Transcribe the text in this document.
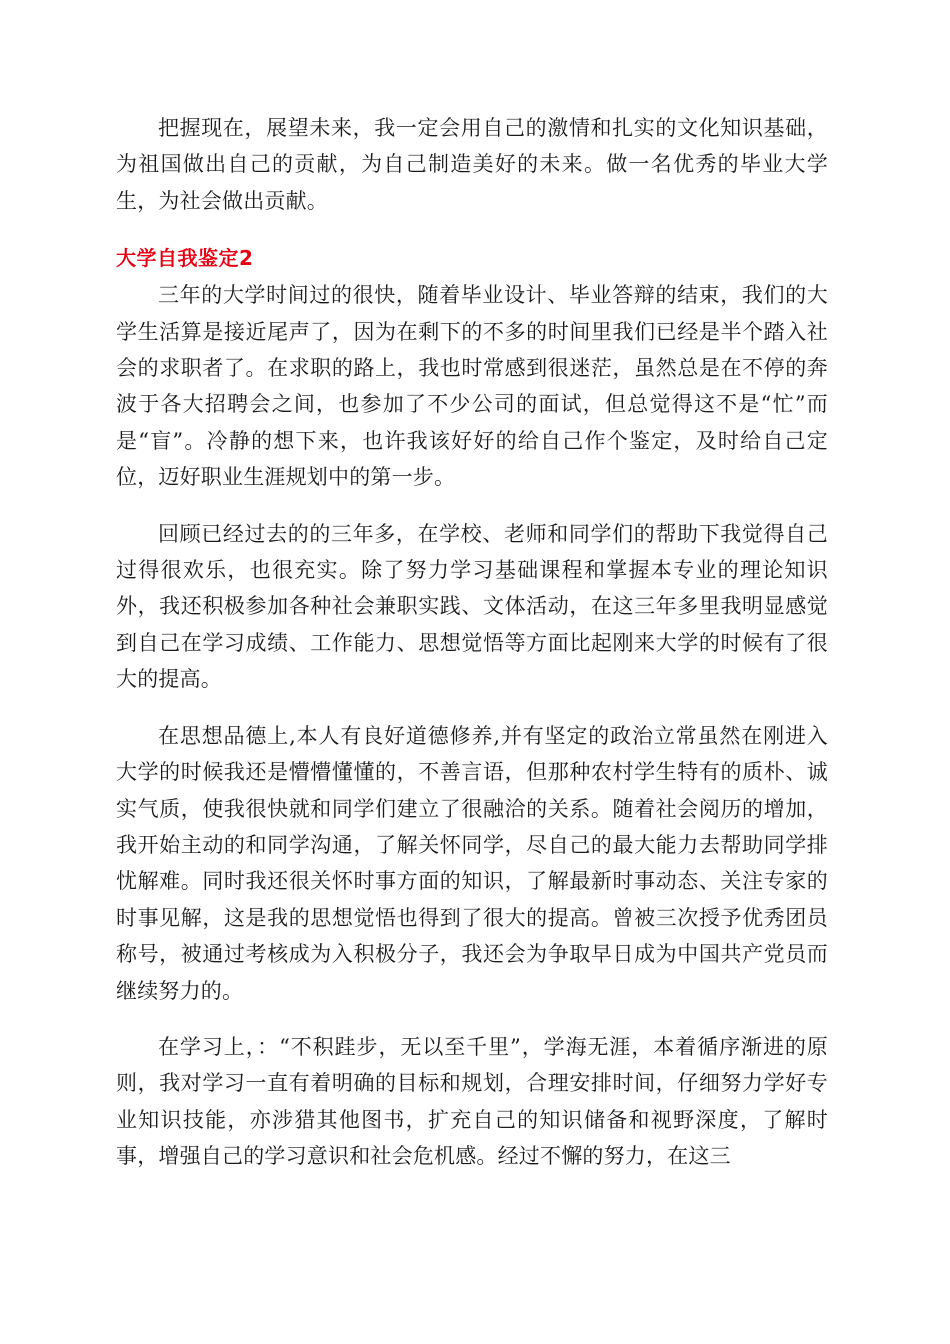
把握现在，展望未来，我一定会用自己的激情和扎实的文化知识基础，为祖国做出自己的贡献，为自己制造美好的未来。做一名优秀的毕业大学生，为社会做出贡献。

大学自我鉴定2

三年的大学时间过的很快，随着毕业设计、毕业答辩的结束，我们的大学生活算是接近尾声了，因为在剩下的不多的时间里我们已经是半个踏入社会的求职者了。在求职的路上，我也时常感到很迷茫，虽然总是在不停的奔波于各大招聘会之间，也参加了不少公司的面试，但总觉得这不是“忙”而是“盲”。冷静的想下来，也许我该好好的给自己作个鉴定，及时给自己定位，迈好职业生涯规划中的第一步。

回顾已经过去的的三年多，在学校、老师和同学们的帮助下我觉得自己过得很欢乐，也很充实。除了努力学习基础课程和掌握本专业的理论知识外，我还积极参加各种社会兼职实践、文体活动，在这三年多里我明显感觉到自己在学习成绩、工作能力、思想觉悟等方面比起刚来大学的时候有了很大的提高。

在思想品德上,本人有良好道德修养,并有坚定的政治立常虽然在刚进入大学的时候我还是懵懵懂懂的，不善言语，但那种农村学生特有的质朴、诚实气质，使我很快就和同学们建立了很融洽的关系。随着社会阅历的增加，我开始主动的和同学沟通，了解关怀同学，尽自己的最大能力去帮助同学排忧解难。同时我还很关怀时事方面的知识，了解最新时事动态、关注专家的时事见解，这是我的思想觉悟也得到了很大的提高。曾被三次授予优秀团员称号，被通过考核成为入积极分子，我还会为争取早日成为中国共产党员而继续努力的。

在学习上，：“不积跬步，无以至千里”，学海无涯，本着循序渐进的原则，我对学习一直有着明确的目标和规划，合理安排时间，仔细努力学好专业知识技能，亦涉猎其他图书，扩充自己的知识储备和视野深度，了解时事，增强自己的学习意识和社会危机感。经过不懈的努力，在这三
